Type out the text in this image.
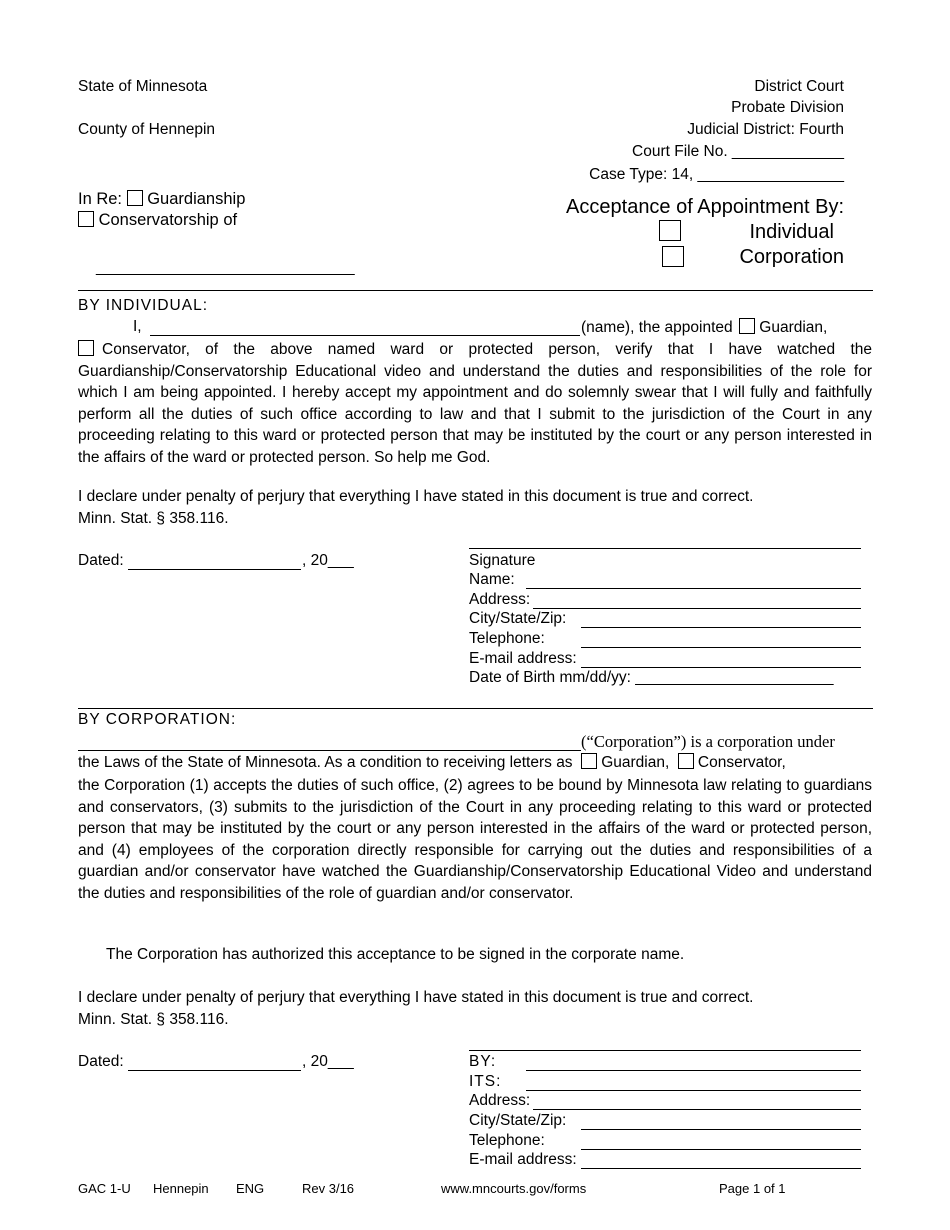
State of Minnesota
County of Hennepin
District Court
Probate Division
Judicial District: Fourth
Court File No. _____________
Case Type: 14, _________________
In Re: Guardianship
Conservatorship of
______________________________
Acceptance of Appointment By:
Individual
Corporation
BY INDIVIDUAL:
I,	(name), the appointed Guardian,

Conservator, of the above named ward or protected person, verify that I have watched the Guardianship/Conservatorship Educational video and understand the duties and responsibilities of the role for which I am being appointed. I hereby accept my appointment and do solemnly swear that I will fully and faithfully perform all the duties of such office according to law and that I submit to the jurisdiction of the Court in any proceeding relating to this ward or protected person that may be instituted by the court or any person interested in the affairs of the ward or protected person. So help me God.

I declare under penalty of perjury that everything I have stated in this document is true and correct.
Minn. Stat. § 358.116.
Dated:	, 20___	Signature
Name:
Address:
City/State/Zip:
Telephone:
E-mail address:
Date of Birth mm/dd/yy: _______________________
BY CORPORATION:
(“Corporation”) is a corporation under
the Laws of the State of Minnesota. As a condition to receiving letters as Guardian, Conservator,

the Corporation (1) accepts the duties of such office, (2) agrees to be bound by Minnesota law relating to guardians and conservators, (3) submits to the jurisdiction of the Court in any proceeding relating to this ward or protected person that may be instituted by the court or any person interested in the affairs of the ward or protected person, and (4) employees of the corporation directly responsible for carrying out the duties and responsibilities of a guardian and/or conservator have watched the Guardianship/Conservatorship Educational Video and understand the duties and responsibilities of the role of guardian and/or conservator.

The Corporation has authorized this acceptance to be signed in the corporate name.
I declare under penalty of perjury that everything I have stated in this document is true and correct.
Minn. Stat. § 358.116.
Dated:	, 20___	BY:
ITS:
Address:
City/State/Zip:
Telephone:
E-mail address:
GAC 1-U Hennepin ENG	Rev 3/16	www.mncourts.gov/forms	Page 1 of 1
